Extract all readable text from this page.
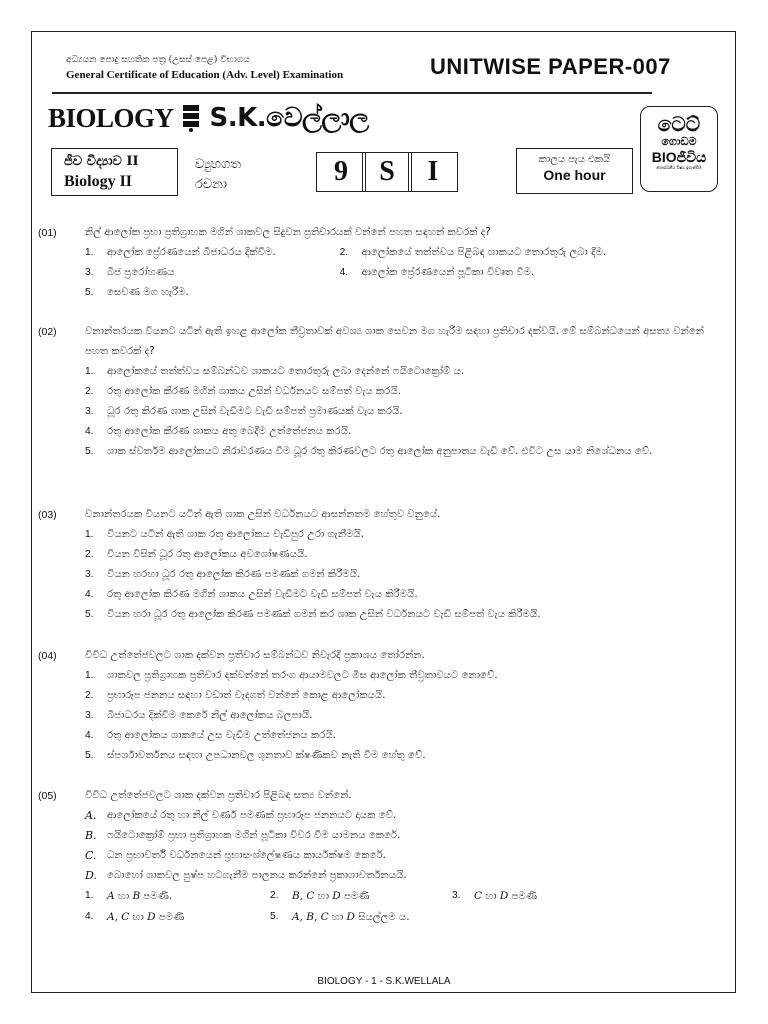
අධ්‍යයන පොදු සහතික පත්‍ර (උසස් පෙළ) විභාගය
General Certificate of Education (Adv. Level) Examination	UNITWISE PAPER-007
BIOLOGY S.K.වෙල්ලාල	ටෙට්
ගොඩම
BIOජීවිය
ගෞරවනීය විෂය ඉගැන්වීම
ජීව විද්‍යාව II
Biology II
ව්‍යුහගත
රචනා	9	S	I	කාලය පැය එකයි
One hour
(01)	නිල් ආලෝක ප්‍රභා ප්‍රතිග්‍රාහක මගින් ශාකවල සිදුවන ප්‍රතිචාරයක් වන්නේ පහත සඳහන් කවරක් ද?
1. ආලෝක ප්‍රේරණයෙන් බීජාධරය දික්වීම.	2. ආලෝකයේ තත්ත්වය පිළිබඳ ශාකයට තොරතුරු ලබා දීම.
3. බීජ ප්‍රරෝහණය	4. ආලෝක ප්‍රේරණයෙන් පූටිකා විවෘත වීම.
5. සෙවණ මග හැරීම.
(02)	වනාන්තරයක වියනට යටින් ඇති ඉහළ ආලෝක තීව්‍රතාවක් අවශ්‍ය ශාක සෙවන මග හැරීම සඳහා ප්‍රතිචාර දක්වයි. මේ සම්බන්ධයෙන් අසත්‍ය වන්නේ පහත කවරක් ද?
1. ආලෝකයේ තත්ත්වය සම්බන්ධව ශාකයට තොරතුරු ලබා දෙන්නේ ෆයිටොක්‍රෝම් ය.
2. රතු ආලෝක කිරණ මගින් ශාකය උසින් වර්ධනයට සම්පත් වැය කරයි.
3. ධූර රතු කිරණ ශාක උසින් වැඩීමට වැඩි සම්පත් ප්‍රමාණයක් වැය කරයි.
4. රතු ආලෝක කිරණ ශාකය අතු බෙදීම උත්තේජනය කරයි.
5. ශාක ස්වර්තම ආලෝකයට නිරාවරණය වීම ධූර රතු කිරණවලට රතු ආලෝක අනුපාතය වැඩි වේ. එවිට උස යාම නිශේධනය වේ.
(03)	වනාන්තරයක වියනට යටින් ඇති ශාක උසින් වර්ධනයට ආසන්නතම හේතුව වනුයේ.
1. වියනට යටින් ඇති ශාක රතු ආලෝකය වැඩිපුර උරා ගැනීමයි.
2. වියන විසින් ධූර රතු ආලෝකය අවශෝෂණයයි.
3. වියන හරහා ධූර රතු ආලෝක කිරණ පමණක් ගමන් කිරීමයි.
4. රතු ආලෝක කිරණ මගින් ශාකය උසින් වැඩීමට වැඩි සම්පත් වැය කිරීමයි.
5. වියන හරා ධූර රතු ආලෝක කිරණ පමණක් ගමන් කර ශාක උසින් වර්ධනයට වැඩි සම්පත් වැය කිරීමයි.
(04)	විවිධ උත්තේජවලට ශාක දක්වන ප්‍රතිචාර සම්බන්ධව නිවැරදි ප්‍රකාශය තෝරන්න.
1. ශාකවල ප්‍රතිග්‍රාහක ප්‍රතිචාර දක්වන්නේ තරංග ආයාමවලට මිස ආලෝක තීව්‍රතාවයට නොවේ.
2. ප්‍රභාරූප ජනනය සඳහා වඩාත් වැදගත් වන්නේ කොළ ආලෝකයයි.
3. බීජාධරය දික්වීම කෙරේ නිල් ආලෝකය බලපායි.
4. රතු ආලෝකය ශාකයේ උස වැඩීම උත්තේජනය කරයි.
5. ස්පර්ශාවර්තනය සඳහා උපධානවල ශුනතාව ක්ෂණිකව නැති වීම හේතු වේ.
(05)	විවිධ උත්තේජවලට ශාක දක්වන ප්‍රතිචාර පිළිබඳ සත්‍ය වන්නේ.
A. ආලෝකයේ රතු හා නිල් වර්ණ පමණක් ප්‍රභාරූප ජනනයට දායක වේ.
B. ෆයිටොක්‍රෝම් ප්‍රභා ප්‍රතිග්‍රාහක මගින් පූටිකා විවර වීම යාමනය කෙරේ.
C. ධන ප්‍රභාවර්ති වර්ධනයෙන් ප්‍රභාසංශ්ලේෂණය කාර්යක්ෂම කෙරේ.
D. බොහෝ ශාකවල පුෂ්ප හටගැනීම පාලනය කරන්නේ ප්‍රකාශාවර්තනයයි.
1. A හා B පමණි.	2. B, C හා D පමණි	3. C හා D පමණි
4. A, C හා D පමණි	5. A, B, C හා D සියල්ලම ය.
BIOLOGY - 1 - S.K.WELLALA
